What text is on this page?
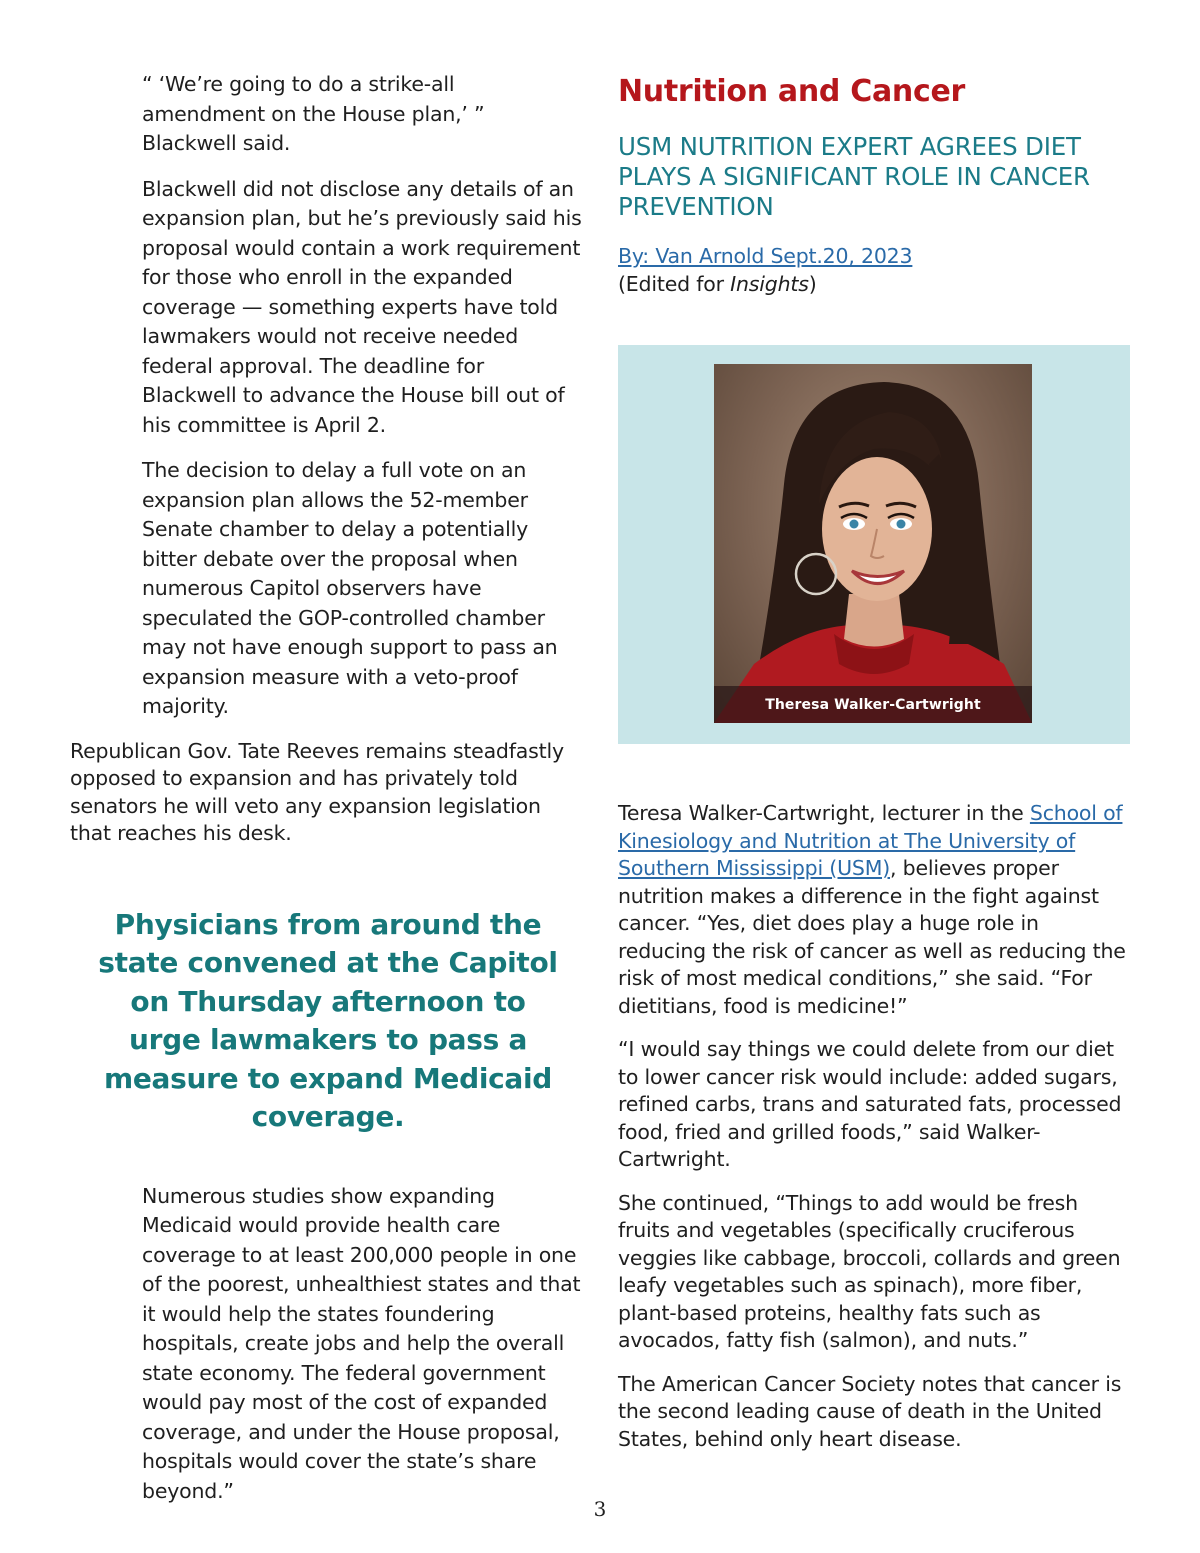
“ ‘We’re going to do a strike-all amendment on the House plan,’ ” Blackwell said.

Blackwell did not disclose any details of an expansion plan, but he’s previously said his proposal would contain a work requirement for those who enroll in the expanded coverage — something experts have told lawmakers would not receive needed federal approval. The deadline for Blackwell to advance the House bill out of his committee is April 2.

The decision to delay a full vote on an expansion plan allows the 52-member Senate chamber to delay a potentially bitter debate over the proposal when numerous Capitol observers have speculated the GOP-controlled chamber may not have enough support to pass an expansion measure with a veto-proof majority.

Republican Gov. Tate Reeves remains steadfastly opposed to expansion and has privately told senators he will veto any expansion legislation that reaches his desk.

Physicians from around the state convened at the Capitol on Thursday afternoon to urge lawmakers to pass a measure to expand Medicaid coverage.

Numerous studies show expanding Medicaid would provide health care coverage to at least 200,000 people in one of the poorest, unhealthiest states and that it would help the states foundering hospitals, create jobs and help the overall state economy. The federal government would pay most of the cost of expanded coverage, and under the House proposal, hospitals would cover the state’s share beyond.”

Nutrition and Cancer
USM NUTRITION EXPERT AGREES DIET PLAYS A SIGNIFICANT ROLE IN CANCER PREVENTION
By: Van Arnold Sept.20, 2023
(Edited for Insights)
Theresa Walker-Cartwright

Teresa Walker-Cartwright, lecturer in the School of Kinesiology and Nutrition at The University of Southern Mississippi (USM), believes proper nutrition makes a difference in the fight against cancer. “Yes, diet does play a huge role in reducing the risk of cancer as well as reducing the risk of most medical conditions,” she said. “For dietitians, food is medicine!”

“I would say things we could delete from our diet to lower cancer risk would include: added sugars, refined carbs, trans and saturated fats, processed food, fried and grilled foods,” said Walker-Cartwright.

She continued, “Things to add would be fresh fruits and vegetables (specifically cruciferous veggies like cabbage, broccoli, collards and green leafy vegetables such as spinach), more fiber, plant-based proteins, healthy fats such as avocados, fatty fish (salmon), and nuts.”

The American Cancer Society notes that cancer is the second leading cause of death in the United States, behind only heart disease.

3
